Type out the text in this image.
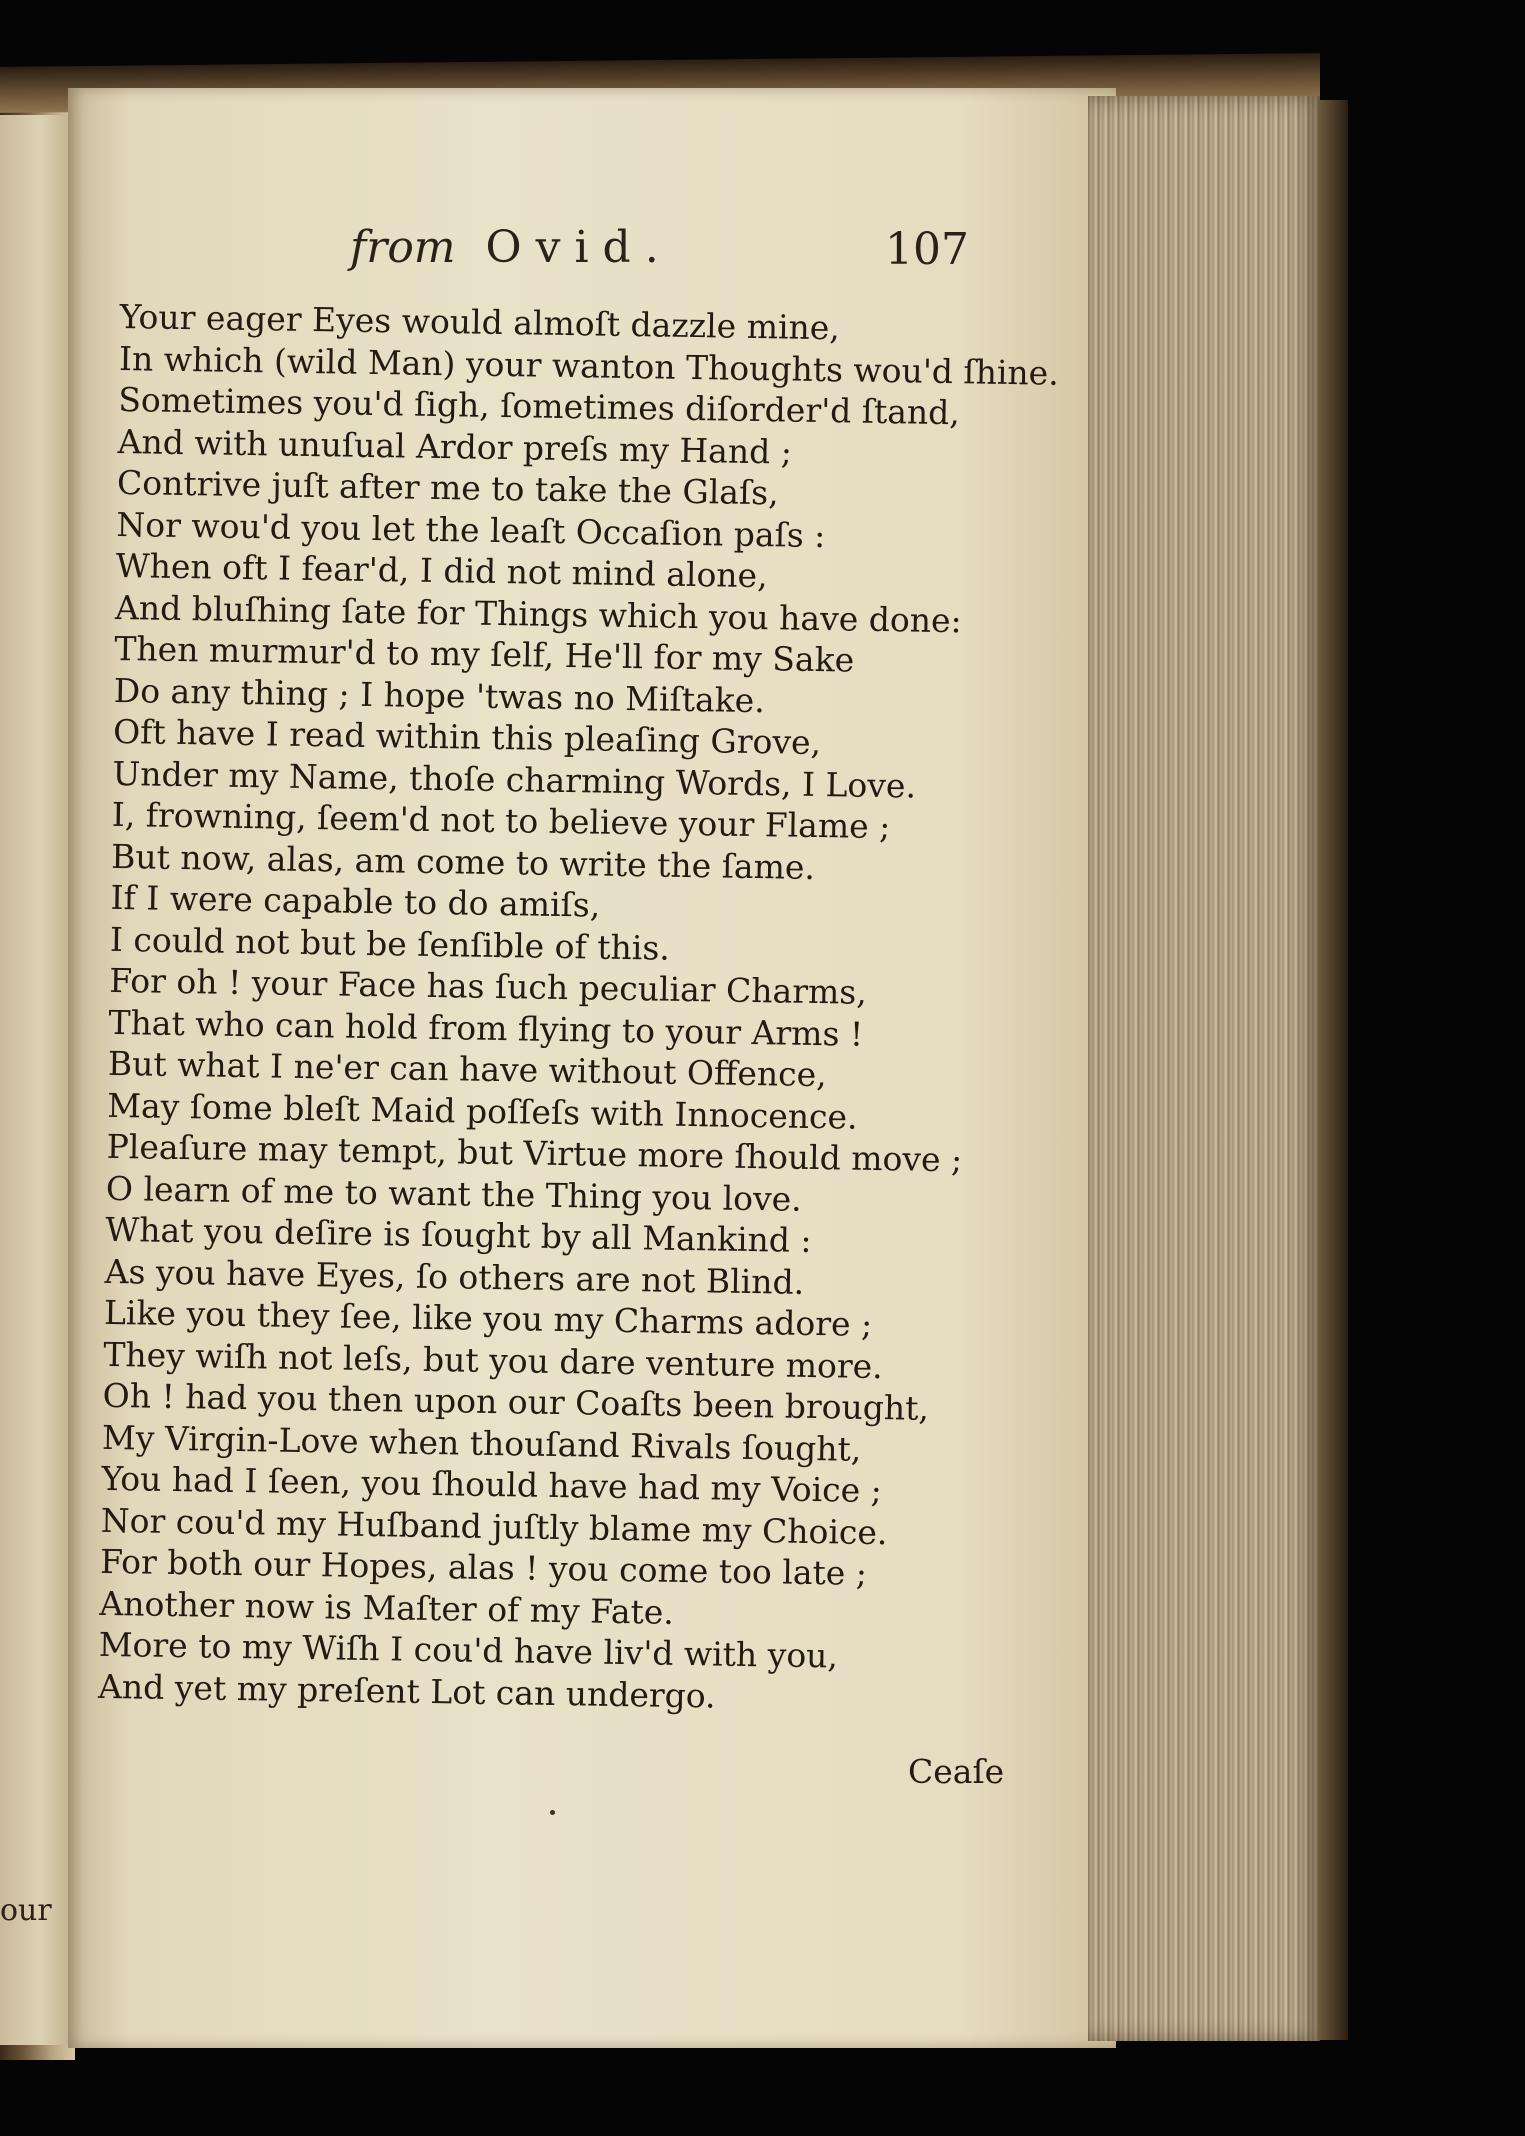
our
from Ovid.	107
Your eager Eyes would almoſt dazzle mine,
In which (wild Man) your wanton Thoughts wou'd ſhine.
Sometimes you'd ſigh, ſometimes diſorder'd ſtand,
And with unuſual Ardor preſs my Hand ;
Contrive juſt after me to take the Glaſs,
Nor wou'd you let the leaſt Occaſion paſs :
When oft I fear'd, I did not mind alone,
And bluſhing ſate for Things which you have done:
Then murmur'd to my ſelf, He'll for my Sake
Do any thing ; I hope 'twas no Miſtake.
Oft have I read within this pleaſing Grove,
Under my Name, thoſe charming Words, I Love.
I, frowning, ſeem'd not to believe your Flame ;
But now, alas, am come to write the ſame.
If I were capable to do amiſs,
I could not but be ſenſible of this.
For oh ! your Face has ſuch peculiar Charms,
That who can hold from flying to your Arms !
But what I ne'er can have without Offence,
May ſome bleſt Maid poſſeſs with Innocence.
Pleaſure may tempt, but Virtue more ſhould move ;
O learn of me to want the Thing you love.
What you deſire is ſought by all Mankind :
As you have Eyes, ſo others are not Blind.
Like you they ſee, like you my Charms adore ;
They wiſh not leſs, but you dare venture more.
Oh ! had you then upon our Coaſts been brought,
My Virgin-Love when thouſand Rivals ſought,
You had I ſeen, you ſhould have had my Voice ;
Nor cou'd my Huſband juſtly blame my Choice.
For both our Hopes, alas ! you come too late ;
Another now is Maſter of my Fate.
More to my Wiſh I cou'd have liv'd with you,
And yet my preſent Lot can undergo.
Ceaſe
